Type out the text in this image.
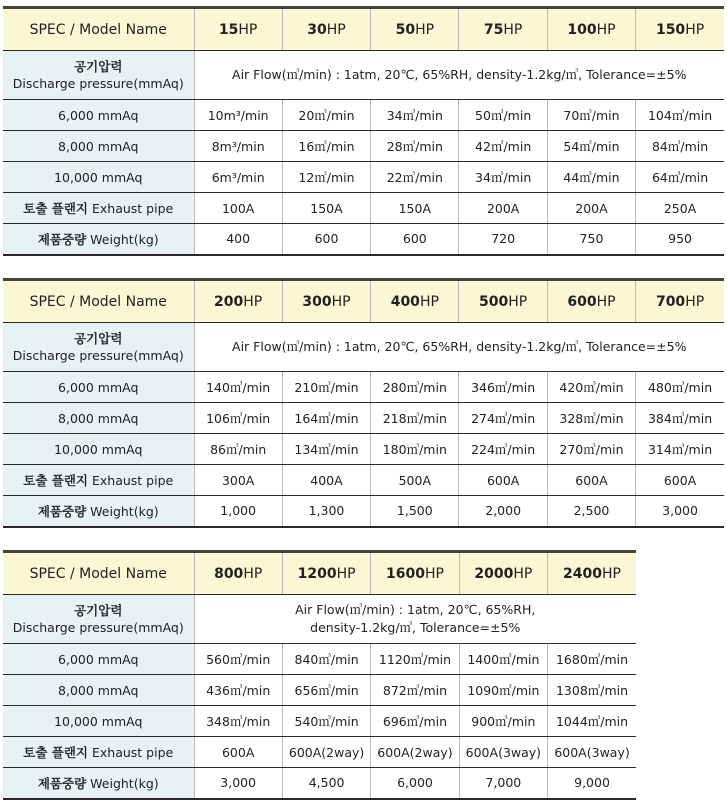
SPEC / Model Name	15HP	30HP	50HP	75HP	100HP	150HP
공기압력
Discharge pressure(mmAq)	Air Flow(㎥/min) : 1atm, 20℃, 65%RH, density-1.2kg/㎥, Tolerance=±5%					
6,000 mmAq	10m³/min	20㎥/min	34㎥/min	50㎥/min	70㎥/min	104㎥/min
8,000 mmAq	8m³/min	16㎥/min	28㎥/min	42㎥/min	54㎥/min	84㎥/min
10,000 mmAq	6m³/min	12㎥/min	22㎥/min	34㎥/min	44㎥/min	64㎥/min
토출 플랜지 Exhaust pipe	100A	150A	150A	200A	200A	250A
제품중량 Weight(kg)	400	600	600	720	750	950
SPEC / Model Name	200HP	300HP	400HP	500HP	600HP	700HP
공기압력
Discharge pressure(mmAq)	Air Flow(㎥/min) : 1atm, 20℃, 65%RH, density-1.2kg/㎥, Tolerance=±5%					
6,000 mmAq	140㎥/min	210㎥/min	280㎥/min	346㎥/min	420㎥/min	480㎥/min
8,000 mmAq	106㎥/min	164㎥/min	218㎥/min	274㎥/min	328㎥/min	384㎥/min
10,000 mmAq	86㎥/min	134㎥/min	180㎥/min	224㎥/min	270㎥/min	314㎥/min
토출 플랜지 Exhaust pipe	300A	400A	500A	600A	600A	600A
제품중량 Weight(kg)	1,000	1,300	1,500	2,000	2,500	3,000
SPEC / Model Name	800HP	1200HP	1600HP	2000HP	2400HP
공기압력
Discharge pressure(mmAq)	Air Flow(㎥/min) : 1atm, 20℃, 65%RH,
density-1.2kg/㎥, Tolerance=±5%				
6,000 mmAq	560㎥/min	840㎥/min	1120㎥/min	1400㎥/min	1680㎥/min
8,000 mmAq	436㎥/min	656㎥/min	872㎥/min	1090㎥/min	1308㎥/min
10,000 mmAq	348㎥/min	540㎥/min	696㎥/min	900㎥/min	1044㎥/min
토출 플랜지 Exhaust pipe	600A	600A(2way)	600A(2way)	600A(3way)	600A(3way)
제품중량 Weight(kg)	3,000	4,500	6,000	7,000	9,000
